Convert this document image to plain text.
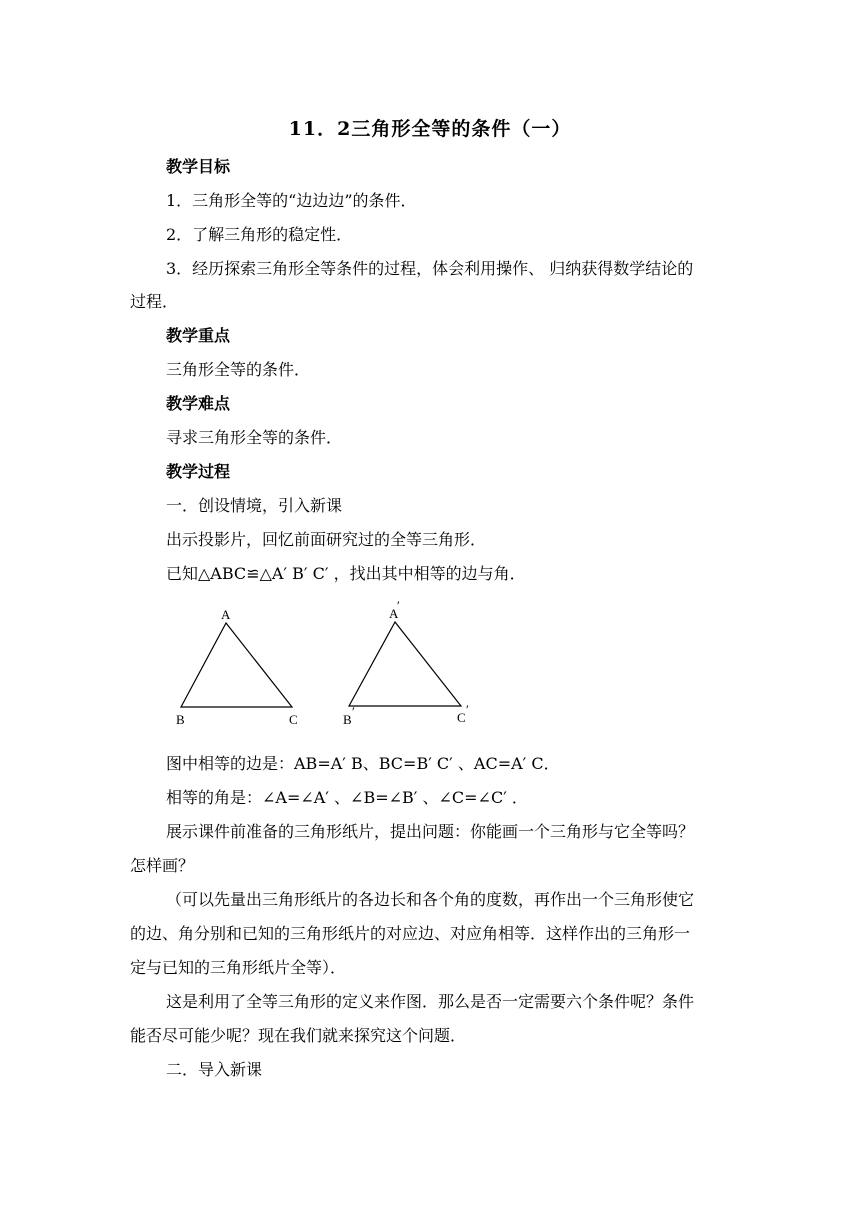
11．2三角形全等的条件（一）
教学目标
1．三角形全等的“边边边”的条件．
2．了解三角形的稳定性．
3．经历探索三角形全等条件的过程，体会利用操作、 归纳获得数学结论的
过程．
教学重点
三角形全等的条件．
教学难点
寻求三角形全等的条件．
教学过程
一．创设情境，引入新课
出示投影片，回忆前面研究过的全等三角形．
已知△ABC≌△A′ B′ C′ ，找出其中相等的边与角．
A
B	C
A
′
B
′	C
′
图中相等的边是：AB=A′ B、BC=B′ C′ 、AC=A′ C．
相等的角是：∠A=∠A′ 、∠B=∠B′ 、∠C=∠C′ ．
展示课件前准备的三角形纸片，提出问题：你能画一个三角形与它全等吗？
怎样画？
（可以先量出三角形纸片的各边长和各个角的度数，再作出一个三角形使它
的边、角分别和已知的三角形纸片的对应边、对应角相等．这样作出的三角形一
定与已知的三角形纸片全等）．
这是利用了全等三角形的定义来作图．那么是否一定需要六个条件呢？条件
能否尽可能少呢？现在我们就来探究这个问题．
二．导入新课
